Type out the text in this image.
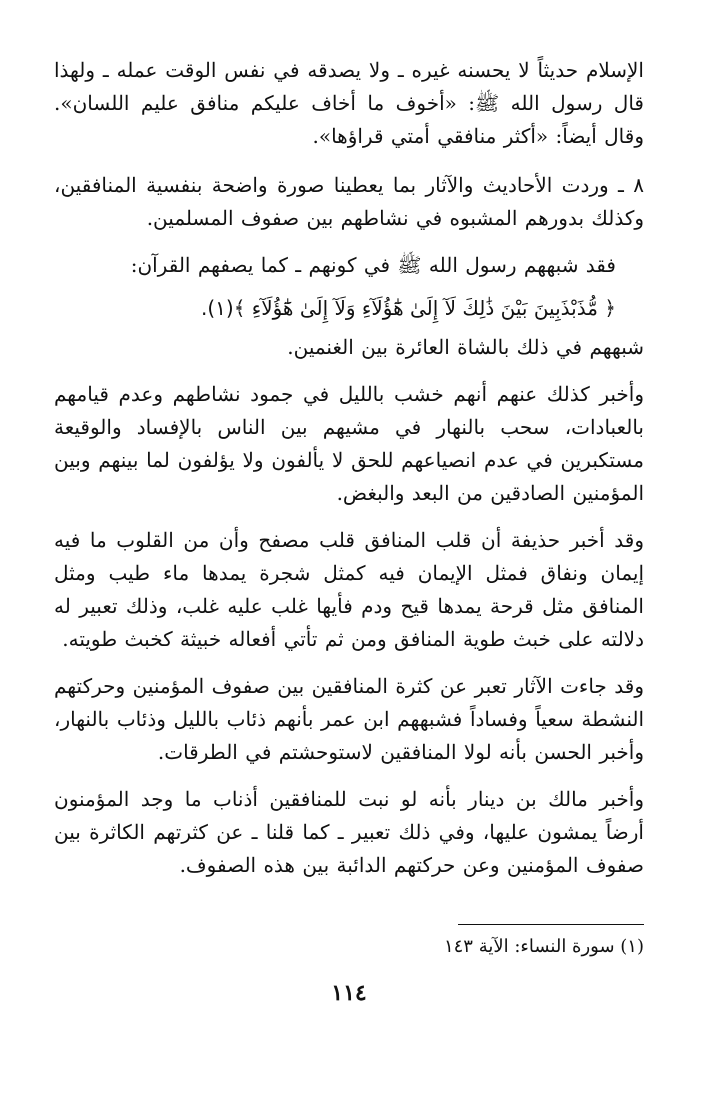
الإسلام حديثاً لا يحسنه غيره ـ ولا يصدقه في نفس الوقت عمله ـ ولهذا قال رسول الله ﷺ: «أخوف ما أخاف عليكم منافق عليم اللسان». وقال أيضاً: «أكثر منافقي أمتي قراؤها».

٨ ـ وردت الأحاديث والآثار بما يعطينا صورة واضحة بنفسية المنافقين، وكذلك بدورهم المشبوه في نشاطهم بين صفوف المسلمين.

فقد شبههم رسول الله ﷺ في كونهم ـ كما يصفهم القرآن:

﴿ مُّذَبْذَبِينَ بَيْنَ ذَٰلِكَ لَآ إِلَىٰ هَٰٓؤُلَآءِ وَلَآ إِلَىٰ هَٰٓؤُلَآءِ ﴾(١).

شبههم في ذلك بالشاة العائرة بين الغنمين.

وأخبر كذلك عنهم أنهم خشب بالليل في جمود نشاطهم وعدم قيامهم بالعبادات، سحب بالنهار في مشيهم بين الناس بالإفساد والوقيعة مستكبرين في عدم انصياعهم للحق لا يألفون ولا يؤلفون لما بينهم وبين المؤمنين الصادقين من البعد والبغض.

وقد أخبر حذيفة أن قلب المنافق قلب مصفح وأن من القلوب ما فيه إيمان ونفاق فمثل الإيمان فيه كمثل شجرة يمدها ماء طيب ومثل المنافق مثل قرحة يمدها قيح ودم فأيها غلب عليه غلب، وذلك تعبير له دلالته على خبث طوية المنافق ومن ثم تأتي أفعاله خبيثة كخبث طويته.

وقد جاءت الآثار تعبر عن كثرة المنافقين بين صفوف المؤمنين وحركتهم النشطة سعياً وفساداً فشبههم ابن عمر بأنهم ذئاب بالليل وذئاب بالنهار، وأخبر الحسن بأنه لولا المنافقين لاستوحشتم في الطرقات.

وأخبر مالك بن دينار بأنه لو نبت للمنافقين أذناب ما وجد المؤمنون أرضاً يمشون عليها، وفي ذلك تعبير ـ كما قلنا ـ عن كثرتهم الكاثرة بين صفوف المؤمنين وعن حركتهم الدائبة بين هذه الصفوف.

(١) سورة النساء: الآية ١٤٣
١١٤
